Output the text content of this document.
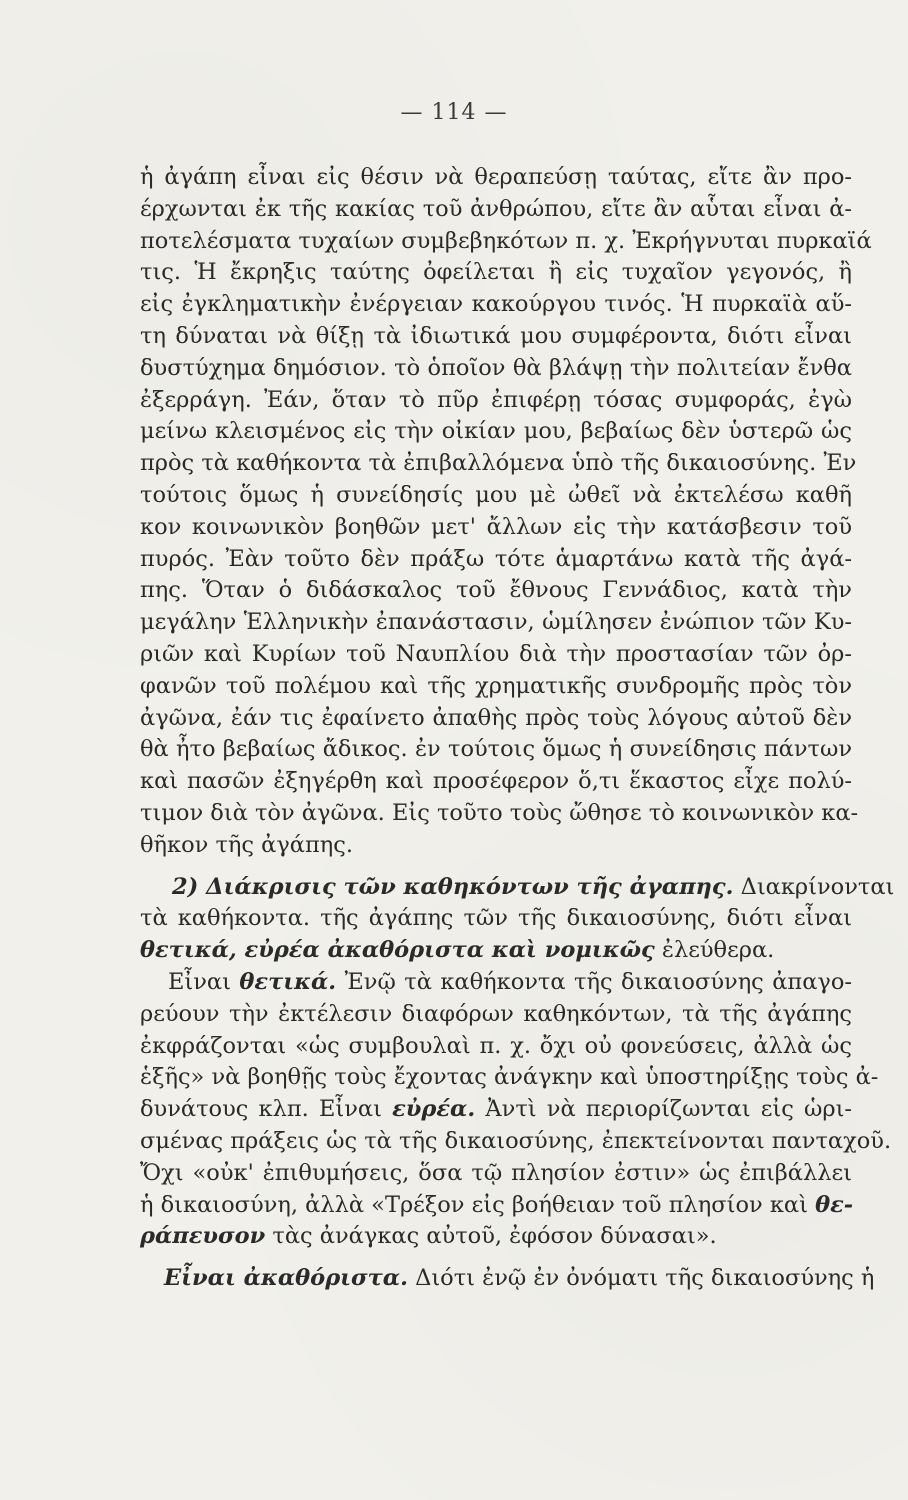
— 114 —
ἡ ἀγάπη εἶναι εἰς θέσιν νὰ θεραπεύσῃ ταύτας, εἴτε ἂν προ-
έρχωνται ἐκ τῆς κακίας τοῦ ἀνθρώπου, εἴτε ἂν αὗται εἶναι ἀ-
ποτελέσματα τυχαίων συμβεβηκότων π. χ. Ἐκρήγνυται πυρκαϊά
τις. Ἡ ἔκρηξις ταύτης ὀφείλεται ἢ εἰς τυχαῖον γεγονός, ἢ
εἰς ἐγκληματικὴν ἐνέργειαν κακούργου τινός. Ἡ πυρκαϊὰ αὕ-
τη δύναται νὰ θίξῃ τὰ ἰδιωτικά μου συμφέροντα, διότι εἶναι
δυστύχημα δημόσιον. τὸ ὁποῖον θὰ βλάψῃ τὴν πολιτείαν ἔνθα
ἐξερράγη. Ἐάν, ὅταν τὸ πῦρ ἐπιφέρῃ τόσας συμφοράς, ἐγὼ
μείνω κλεισμένος εἰς τὴν οἰκίαν μου, βεβαίως δὲν ὑστερῶ ὡς
πρὸς τὰ καθήκοντα τὰ ἐπιβαλλόμενα ὑπὸ τῆς δικαιοσύνης. Ἐν
τούτοις ὅμως ἡ συνείδησίς μου μὲ ὠθεῖ νὰ ἐκτελέσω καθῆ
κον κοινωνικὸν βοηθῶν μετ' ἄλλων εἰς τὴν κατάσβεσιν τοῦ
πυρός. Ἐὰν τοῦτο δὲν πράξω τότε ἁμαρτάνω κατὰ τῆς ἀγά-
πης. Ὅταν ὁ διδάσκαλος τοῦ ἔθνους Γεννάδιος, κατὰ τὴν
μεγάλην Ἑλληνικὴν ἐπανάστασιν, ὡμίλησεν ἐνώπιον τῶν Κυ-
ριῶν καὶ Κυρίων τοῦ Ναυπλίου διὰ τὴν προστασίαν τῶν ὀρ-
φανῶν τοῦ πολέμου καὶ τῆς χρηματικῆς συνδρομῆς πρὸς τὸν
ἀγῶνα, ἐάν τις ἐφαίνετο ἀπαθὴς πρὸς τοὺς λόγους αὐτοῦ δὲν
θὰ ἦτο βεβαίως ἄδικος. ἐν τούτοις ὅμως ἡ συνείδησις πάντων
καὶ πασῶν ἐξηγέρθη καὶ προσέφερον ὅ,τι ἕκαστος εἶχε πολύ-
τιμον διὰ τὸν ἀγῶνα. Εἰς τοῦτο τοὺς ὤθησε τὸ κοινωνικὸν κα-
θῆκον τῆς ἀγάπης.
2) Διάκρισις τῶν καθηκόντων τῆς ἀγαπης. Διακρίνονται
τὰ καθήκοντα. τῆς ἀγάπης τῶν τῆς δικαιοσύνης, διότι εἶναι
θετικά, εὐρέα ἀκαθόριστα καὶ νομικῶς ἐλεύθερα.
Εἶναι θετικά. Ἐνῷ τὰ καθήκοντα τῆς δικαιοσύνης ἀπαγο-
ρεύουν τὴν ἐκτέλεσιν διαφόρων καθηκόντων, τὰ τῆς ἀγάπης
ἐκφράζονται «ὡς συμβουλαὶ π. χ. ὄχι οὐ φονεύσεις, ἀλλὰ ὡς
ἑξῆς» νὰ βοηθῇς τοὺς ἔχοντας ἀνάγκην καὶ ὑποστηρίξῃς τοὺς ἀ-
δυνάτους κλπ. Εἶναι εὐρέα. Ἀντὶ νὰ περιορίζωνται εἰς ὡρι-
σμένας πράξεις ὡς τὰ τῆς δικαιοσύνης, ἐπεκτείνονται πανταχοῦ.
Ὄχι «οὐκ' ἐπιθυμήσεις, ὅσα τῷ πλησίον ἐστιν» ὡς ἐπιβάλλει
ἡ δικαιοσύνη, ἀλλὰ «Τρέξον εἰς βοήθειαν τοῦ πλησίον καὶ θε-
ράπευσον τὰς ἀνάγκας αὐτοῦ, ἐφόσον δύνασαι».
Εἶναι ἀκαθόριστα. Διότι ἐνῷ ἐν ὀνόματι τῆς δικαιοσύνης ἡ
